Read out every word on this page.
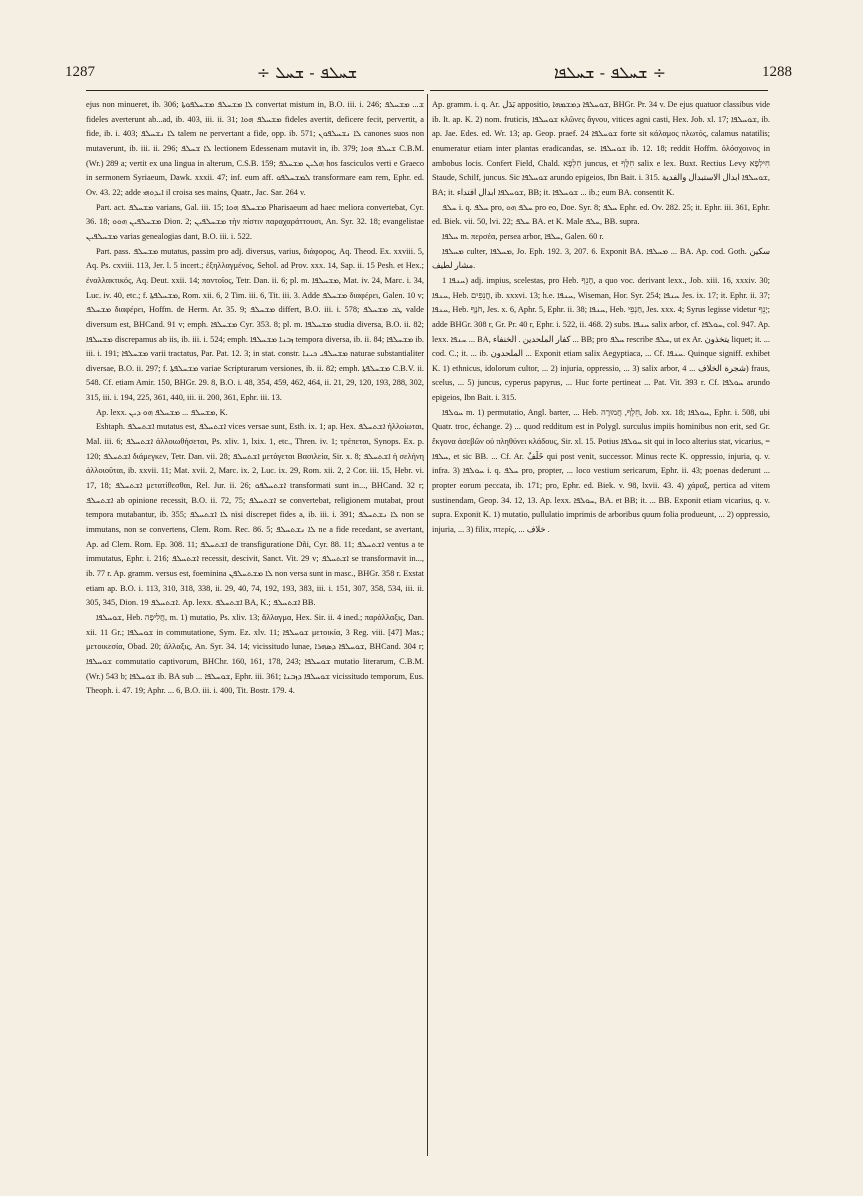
1287	ܫܚܠܦ - ܫܚܠ ÷	÷ ܫܚܠܦ - ܫܚܠܦܐ	1288

ejus non minueret, ib. 306; ܠܐ ܡܫܚܠܦ ܡܫܚܠܦܘܬܐ convertat mistum in, B.O. iii. i. 246; ܫ... ܡܫܚܠܦ fideles averterunt ab...ad, ib. 403, iii. ii. 31; ܡܫܚܠܦ ܗܘܐ fideles avertit, deficere fecit, pervertit, a fide, ib. i. 403; ܠܐ ܢܫܚܠܦ talem ne pervertant a fide, opp. ib. 571; ܠܐ ܢܫܚܠܦܘܢ canones suos non mutaverunt, ib. iii. ii. 296; ܠܐ ܫܚܠܦ lectionem Edessenam mutavit in, ib. 379; ܫܚܠܦ ܗܘܐ C.B.M. (Wr.) 289 a; vertit ex una lingua in alterum, C.S.B. 159; ܗܠܝܢ ܡܫܚܠܦ hos fasciculos verti e Graeco in sermonem Syriaeum, Dawk. xxxii. 47; inf. eum aff. ܠܡܫܚܠܦܘ transformare eam rem, Ephr. ed. Ov. 43. 22; adde ܐܝܕܘܗܝ il croisa ses mains, Quatr., Jac. Sar. 264 v.

Part. act. ܡܫܚܠܦ varians, Gal. iii. 15; ܡܫܚܠܦ ܗܘܐ Pharisaeum ad haec meliora convertebat, Cyr. 36. 18; ܡܫܚܠܦܝܢ ܗܘܘ Dion. 2; ܡܫܚܠܦܝܢ τὴν πίστιν παραχαράττουσι, An. Syr. 32. 18; evangelistae ܡܫܚܠܦܝܢ varias genealogias dant, B.O. iii. i. 522.

Part. pass. ܡܫܚܠܦ mutatus, passim pro adj. diversus, varius, διάφορος, Aq. Theod. Ex. xxviii. 5, Aq. Ps. cxviii. 113, Jer. l. 5 incert.; ἐξηλλαγμένος, Sehol. ad Prov. xxx. 14, Sap. ii. 15 Pesh. et Hex.; ἐναλλακτικός, Aq. Deut. xxii. 14; παντοῖος, Tetr. Dan. ii. 6; pl. m. ܡܫܚܠܦܐ, Mat. iv. 24, Marc. i. 34, Luc. iv. 40, etc.; f. ܡܫܚܠܦܬܐ, Rom. xii. 6, 2 Tim. iii. 6, Tit. iii. 3. Adde ܡܫܚܠܦ διαφέρει, Galen. 10 v; ܡܫܚܠܦ διαφέρει, Hoffm. de Herm. Ar. 35. 9; ܡܫܚܠܦ differt, B.O. iii. i. 578; ܛܒ ܡܫܚܠܦ valde diversum est, BHCand. 91 v; emph. ܡܫܚܠܦܐ Cyr. 353. 8; pl. m. ܡܫܚܠܦܐ studia diversa, B.O. ii. 82; ܡܫܚܠܦܐ discrepamus ab iis, ib. iii. i. 524; emph. ܙܒܢܐ ܡܫܚܠܦܐ tempora diversa, ib. ii. 84; ܡܫܚܠܦܐ ib. iii. i. 191; ܡܫܚܠܦܐ varii tractatus, Par. Pat. 12. 3; in stat. constr. ܡܫܚܠܦܝ ܟܝܢܐ naturae substantialiter diversae, B.O. ii. 297; f. ܡܫܚܠܦܬܐ variae Scripturarum versiones, ib. ii. 82; emph. ܡܫܚܠܦܬܐ C.B.V. ii. 548. Cf. etiam Amir. 150, BHGr. 29. 8, B.O. i. 48, 354, 459, 462, 464, ii. 21, 29, 120, 193, 288, 302, 315, iii. i. 194, 225, 361, 440, iii. ii. 200, 361, Ephr. iii. 13.

Ap. lexx. ܡܫܚܠܦ ... ܡܫܚܠܦ ܗܘ ܕܝܢ, K.

Eshtaph. ܐܫܬܚܠܦ mutatus est, ܐܫܬܚܠܦ vices versae sunt, Esth. ix. 1; ap. Hex. ܐܫܬܚܠܦ ἠλλοίωται, Mal. iii. 6; ܐܫܬܚܠܦ ἀλλοιωθήσεται, Ps. xliv. 1, lxix. 1, etc., Thren. iv. 1; τρέπεται, Synops. Ex. p. 120; ܐܫܬܚܠܦ διάμεγκεν, Tetr. Dan. vii. 28; ܐܫܬܚܠܦ μετάγεται Βασιλεία, Sir. x. 8; ܐܫܬܚܠܦ ἡ σελήνη ἀλλοιοῦται, ib. xxvii. 11; Mat. xvii. 2, Marc. ix. 2, Luc. ix. 29, Rom. xii. 2, 2 Cor. iii. 15, Hebr. vi. 17, 18; ܐܫܬܚܠܦ μετατίθεσθαι, Rel. Jur. ii. 26; ܐܫܬܚܠܦܘ transformati sunt in..., BHCand. 32 r; ܐܫܬܚܠܦ ab opinione recessit, B.O. ii. 72, 75; ܐܫܬܚܠܦ se convertebat, religionem mutabat, prout tempora mutabantur, ib. 355; ܠܐ ܐܫܬܚܠܦ nisi discrepet fides a, ib. iii. i. 391; ܠܐ ܢܫܬܚܠܦ non se immutans, non se convertens, Clem. Rom. Rec. 86. 5; ܠܐ ܢܫܬܚܠܦ ne a fide recedant, se avertant, Ap. ad Clem. Rom. Ep. 308. 11; ܐܫܬܚܠܦ de transfiguratione Dñi, Cyr. 88. 11; ܐܫܬܚܠܦ ventus a te immutatus, Ephr. i. 216; ܐܫܬܚܠܦ recessit, descivit, Sanct. Vit. 29 v; ܐܫܬܚܠܦ se transformavit in..., ib. 77 r. Ap. gramm. versus est, foeminina ܠܐ ܡܫܬܚܠܦܢ non versa sunt in masc., BHGr. 358 r. Exstat etiam ap. B.O. i. 113, 310, 318, 338, ii. 29, 40, 74, 192, 193, 383, iii. i. 151, 307, 358, 534, iii. ii. 305, 345, Dion. ܐܫܬܚܠܦ 19. Ap. lexx. ܐܫܬܚܠܦ BA, K.; ܐܫܬܚܠܦ BB.

ܫܘܚܠܦܐ, Heb. חֲלִיפָה, m. 1) mutatio, Ps. xliv. 13; ἄλλαγμα, Hex. Sir. ii. 4 ined.; παράλλαξις, Dan. xii. 11 Gr.; ܫܘܚܠܦܐ in commutatione, Sym. Ez. xlv. 11; ܫܘܚܠܦܐ μετοικία, 3 Reg. viii. [47] Mas.; μετοικεσία, Obad. 20; ἀλλαξις, An. Syr. 34. 14; vicissitudo lunae, ܫܘܚܠܦܐ ܕܣܗܪܐ, BHCand. 304 r; ܫܘܚܠܦܐ commutatio captivorum, BHChr. 160, 161, 178, 243; ܫܘܚܠܦܐ mutatio literarum, C.B.M. (Wr.) 543 b; ܫܘܚܠܦܐ ib. BA sub ... ܫܘܚܠܦܐ, Ephr. iii. 361; ܫܘܚܠܦܐ ܕܙܒܢܐ vicissitudo temporum, Eus. Theoph. i. 47. 19; Aphr. ... 6, B.O. iii. i. 400, Tit. Bostr. 179. 4.

Ap. gramm. i. q. Ar. بَدَل appositio, ܫܘܚܠܦܐ ܕܡܫܡܗܐ, BHGr. Pr. 34 v. De ejus quatuor classibus vide ib. It. ap. K. 2) nom. fruticis, ܫܘܚܠܦܐ κλῶνες ἄγνου, vitices agni casti, Hex. Job. xl. 17; ܫܘܚܠܦܐ, ib. ap. Jae. Edes. ed. Wr. 13; ap. Geop. praef. 24 ܫܘܚܠܦܐ forte sit κάλαμος πλωτός, calamus natatilis; enumeratur etiam inter plantas eradicandas, se. ܫܘܚܠܦܐ ib. 12. 18; reddit Hoffm. ὀλόσχοινος in ambobus locis. Confert Field, Chald. חִלְפָא juncus, et חִלָּף salix e lex. Buxt. Rectius Levy חִילְפָא Staude, Schilf, juncus. Sic ܫܘܚܠܦܐ arundo epigeios, Ibn Bait. i. 315. ܫܘܚܠܦܐ ابدال الاستبدال والفدية, BA; it. ܫܘܚܠܦܐ ابدال افتداء, BB; it. ܫܘܚܠܦܐ ... ib.; eum BA. consentit K.

ܚܠܦ i. q. ܚܠܦ pro, ܚܠܦ ܗܘ pro eo, Doe. Syr. 8; ܚܠܦ Ephr. ed. Ov. 282. 25; it. Ephr. iii. 361, Ephr. ed. Biek. vii. 50, lvi. 22; ܚܠܦ BA. et K. Male ܚܠܦ, BB. supra.

ܚܠܦܐ m. περσέα, persea arbor, ܚܠܦܐ, Galen. 60 r.

ܡܚܠܦܐ culter, ܡܚܠܦܐ, Jo. Eph. 192. 3, 207. 6. Exponit BA. ܡܚܠܦܐ ... BA. Ap. cod. Goth. سكين مشار لطيف.

ܚܢܦܐ 1) adj. impius, scelestas, pro Heb. חָנֵף, a quo voc. derivant lexx., Job. xiii. 16, xxxiv. 30; ܚܢܦܐ, Heb. חֲנֵפִים, ib. xxxvi. 13; h.e. ܚܢܦܐ, Wiseman, Hor. Syr. 254; ܚܢܦܐ Jes. ix. 17; it. Ephr. ii. 37; ܚܢܦܐ, Heb. חֹנֶף, Jes. x. 6, Aphr. 5, Ephr. ii. 38; ܚܢܦܐ, Heb. חַנְפֵי, Jes. xxx. 4; Syrus legisse videtur יָנֵף; adde BHGr. 308 r, Gr. Pr. 40 r, Ephr. i. 522, ii. 468. 2) subs. ܚܢܦܐ salix arbor, cf. ܚܘܠܦܐ, col. 947. Ap. lexx. ܚܢܦܐ ... BA, كفار الملحدين . الخنفاء ... BB; pro ܚܠܦ rescribe ܚܠܦ, ut ex Ar. يتخذون liquet; it. ... cod. C.; it. ... ib. الملحدون ... Exponit etiam salix Aegyptiaca, ... Cf. ܚܢܦܐ. Quinque signiff. exhibet K. 1) ethnicus, idolorum cultor, ... 2) injuria, oppressio, ... 3) salix arbor, شجرة الخلاف ... 4) fraus, scelus, ... 5) juncus, cyperus papyrus, ... Huc forte pertineat ... Pat. Vit. 393 r. Cf. ܚܘܠܦܐ arundo epigeios, Ibn Bait. i. 315.

ܚܘܠܦܐ m. 1) permutatio, Angl. barter, ... Heb. חֵלֶף, חֲמוּרָה, Job. xx. 18; ܚܘܠܦܐ, Ephr. i. 508, ubi Quatr. troc, échange. 2) ... quod redditum est in Polygl. surculus impiis hominibus non erit, sed Gr. ἔκγονα ἀσεβῶν οὐ πληθύνει κλάδους, Sir. xl. 15. Potius ܚܘܠܦܐ sit qui in loco alterius stat, vicarius, = ܚܠܦܐ, et sic BB. ... Cf. Ar. خَلَفٌ qui post venit, successor. Minus recte K. oppressio, injuria, q. v. infra. 3) ܚܘܠܦܐ i. q. ܚܠܦ pro, propter, ... loco vestium sericarum, Ephr. ii. 43; poenas dederunt ... propter eorum peccata, ib. 171; pro, Ephr. ed. Biek. v. 98, lxvii. 43. 4) χάραξ, pertica ad vitem sustinendam, Geop. 34. 12, 13. Ap. lexx. ܚܘܠܦܐ, BA. et BB; it. ... BB. Exponit etiam vicarius, q. v. supra. Exponit K. 1) mutatio, pullulatio imprimis de arboribus quum folia produeunt, ... 2) oppressio, injuria, ... 3) filix, πτερίς, ... خلاف .
